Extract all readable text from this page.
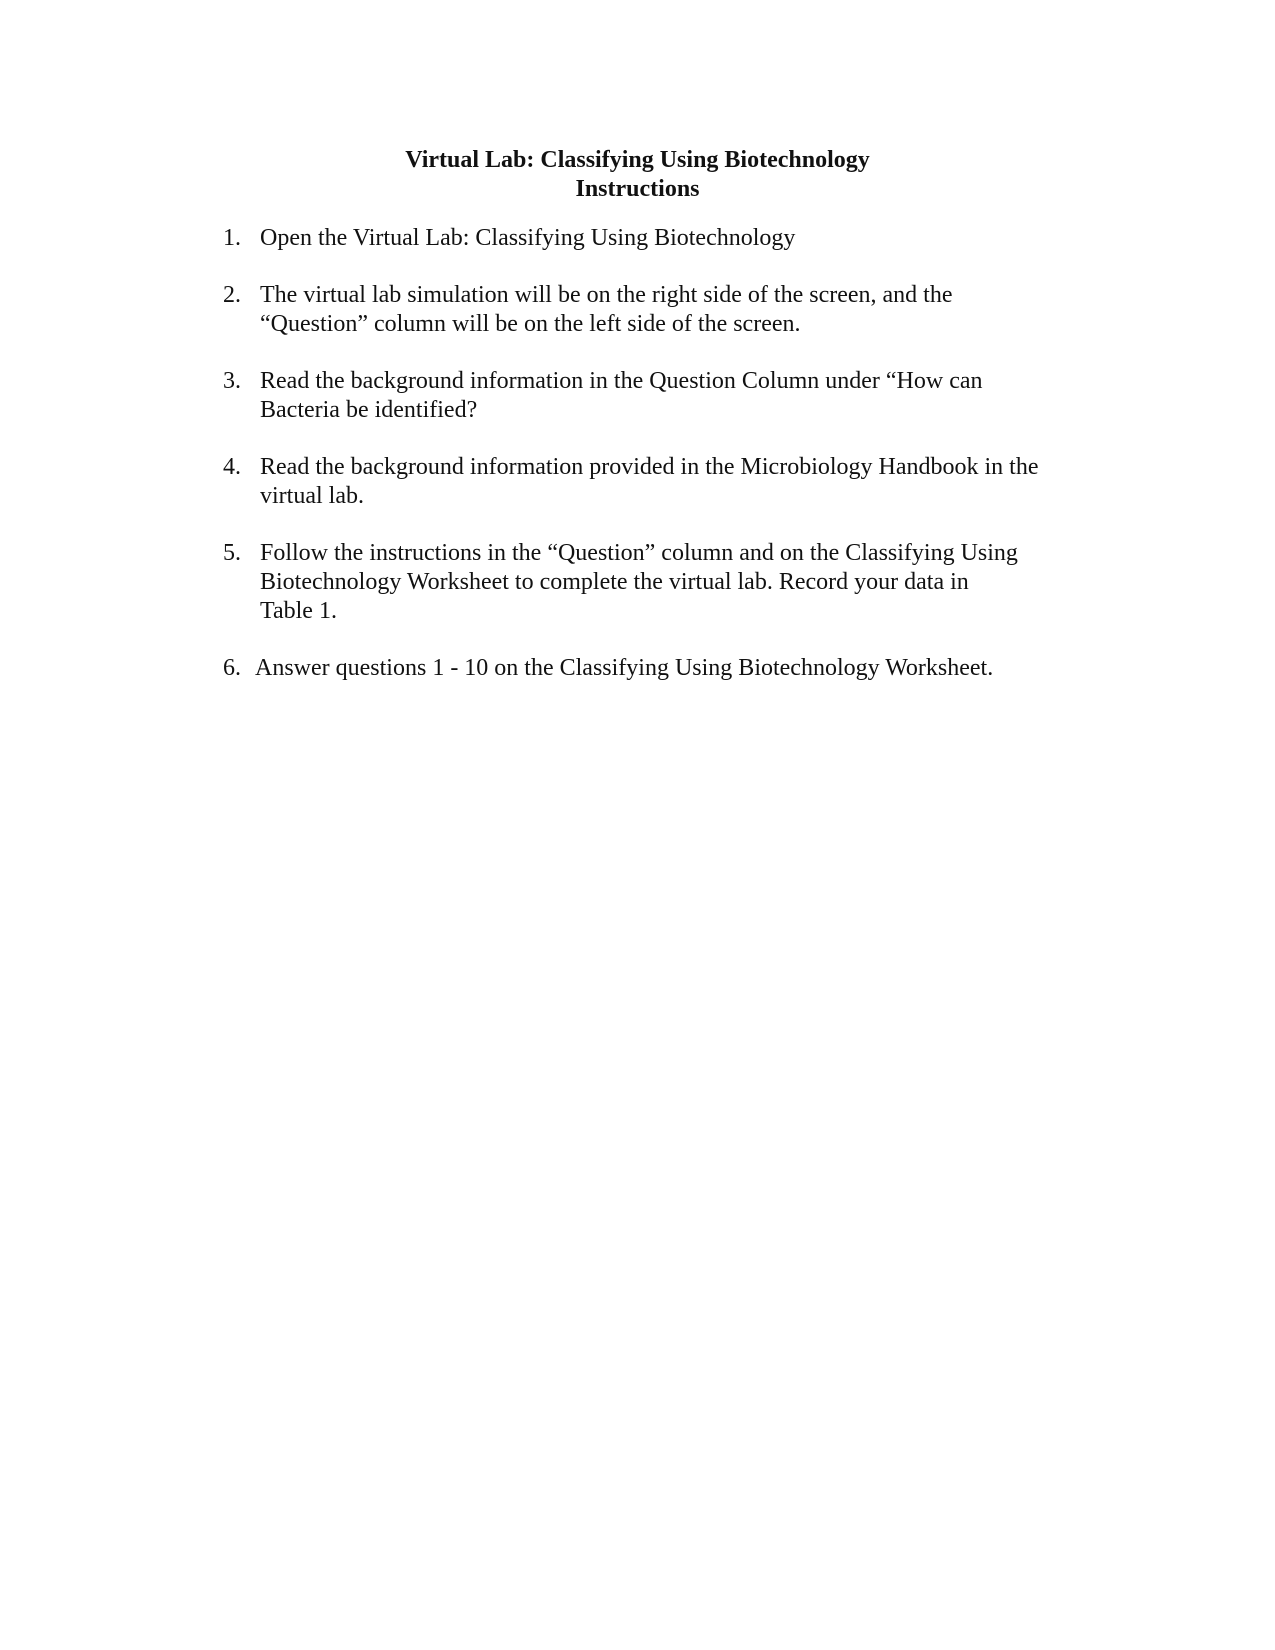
Virtual Lab: Classifying Using Biotechnology
Instructions
1. Open the Virtual Lab: Classifying Using Biotechnology
2. The virtual lab simulation will be on the right side of the screen, and the
“Question” column will be on the left side of the screen.
3. Read the background information in the Question Column under “How can
Bacteria be identified?
4. Read the background information provided in the Microbiology Handbook in the
virtual lab.
5. Follow the instructions in the “Question” column and on the Classifying Using
Biotechnology Worksheet to complete the virtual lab. Record your data in
Table 1.
6. Answer questions 1 - 10 on the Classifying Using Biotechnology Worksheet.
